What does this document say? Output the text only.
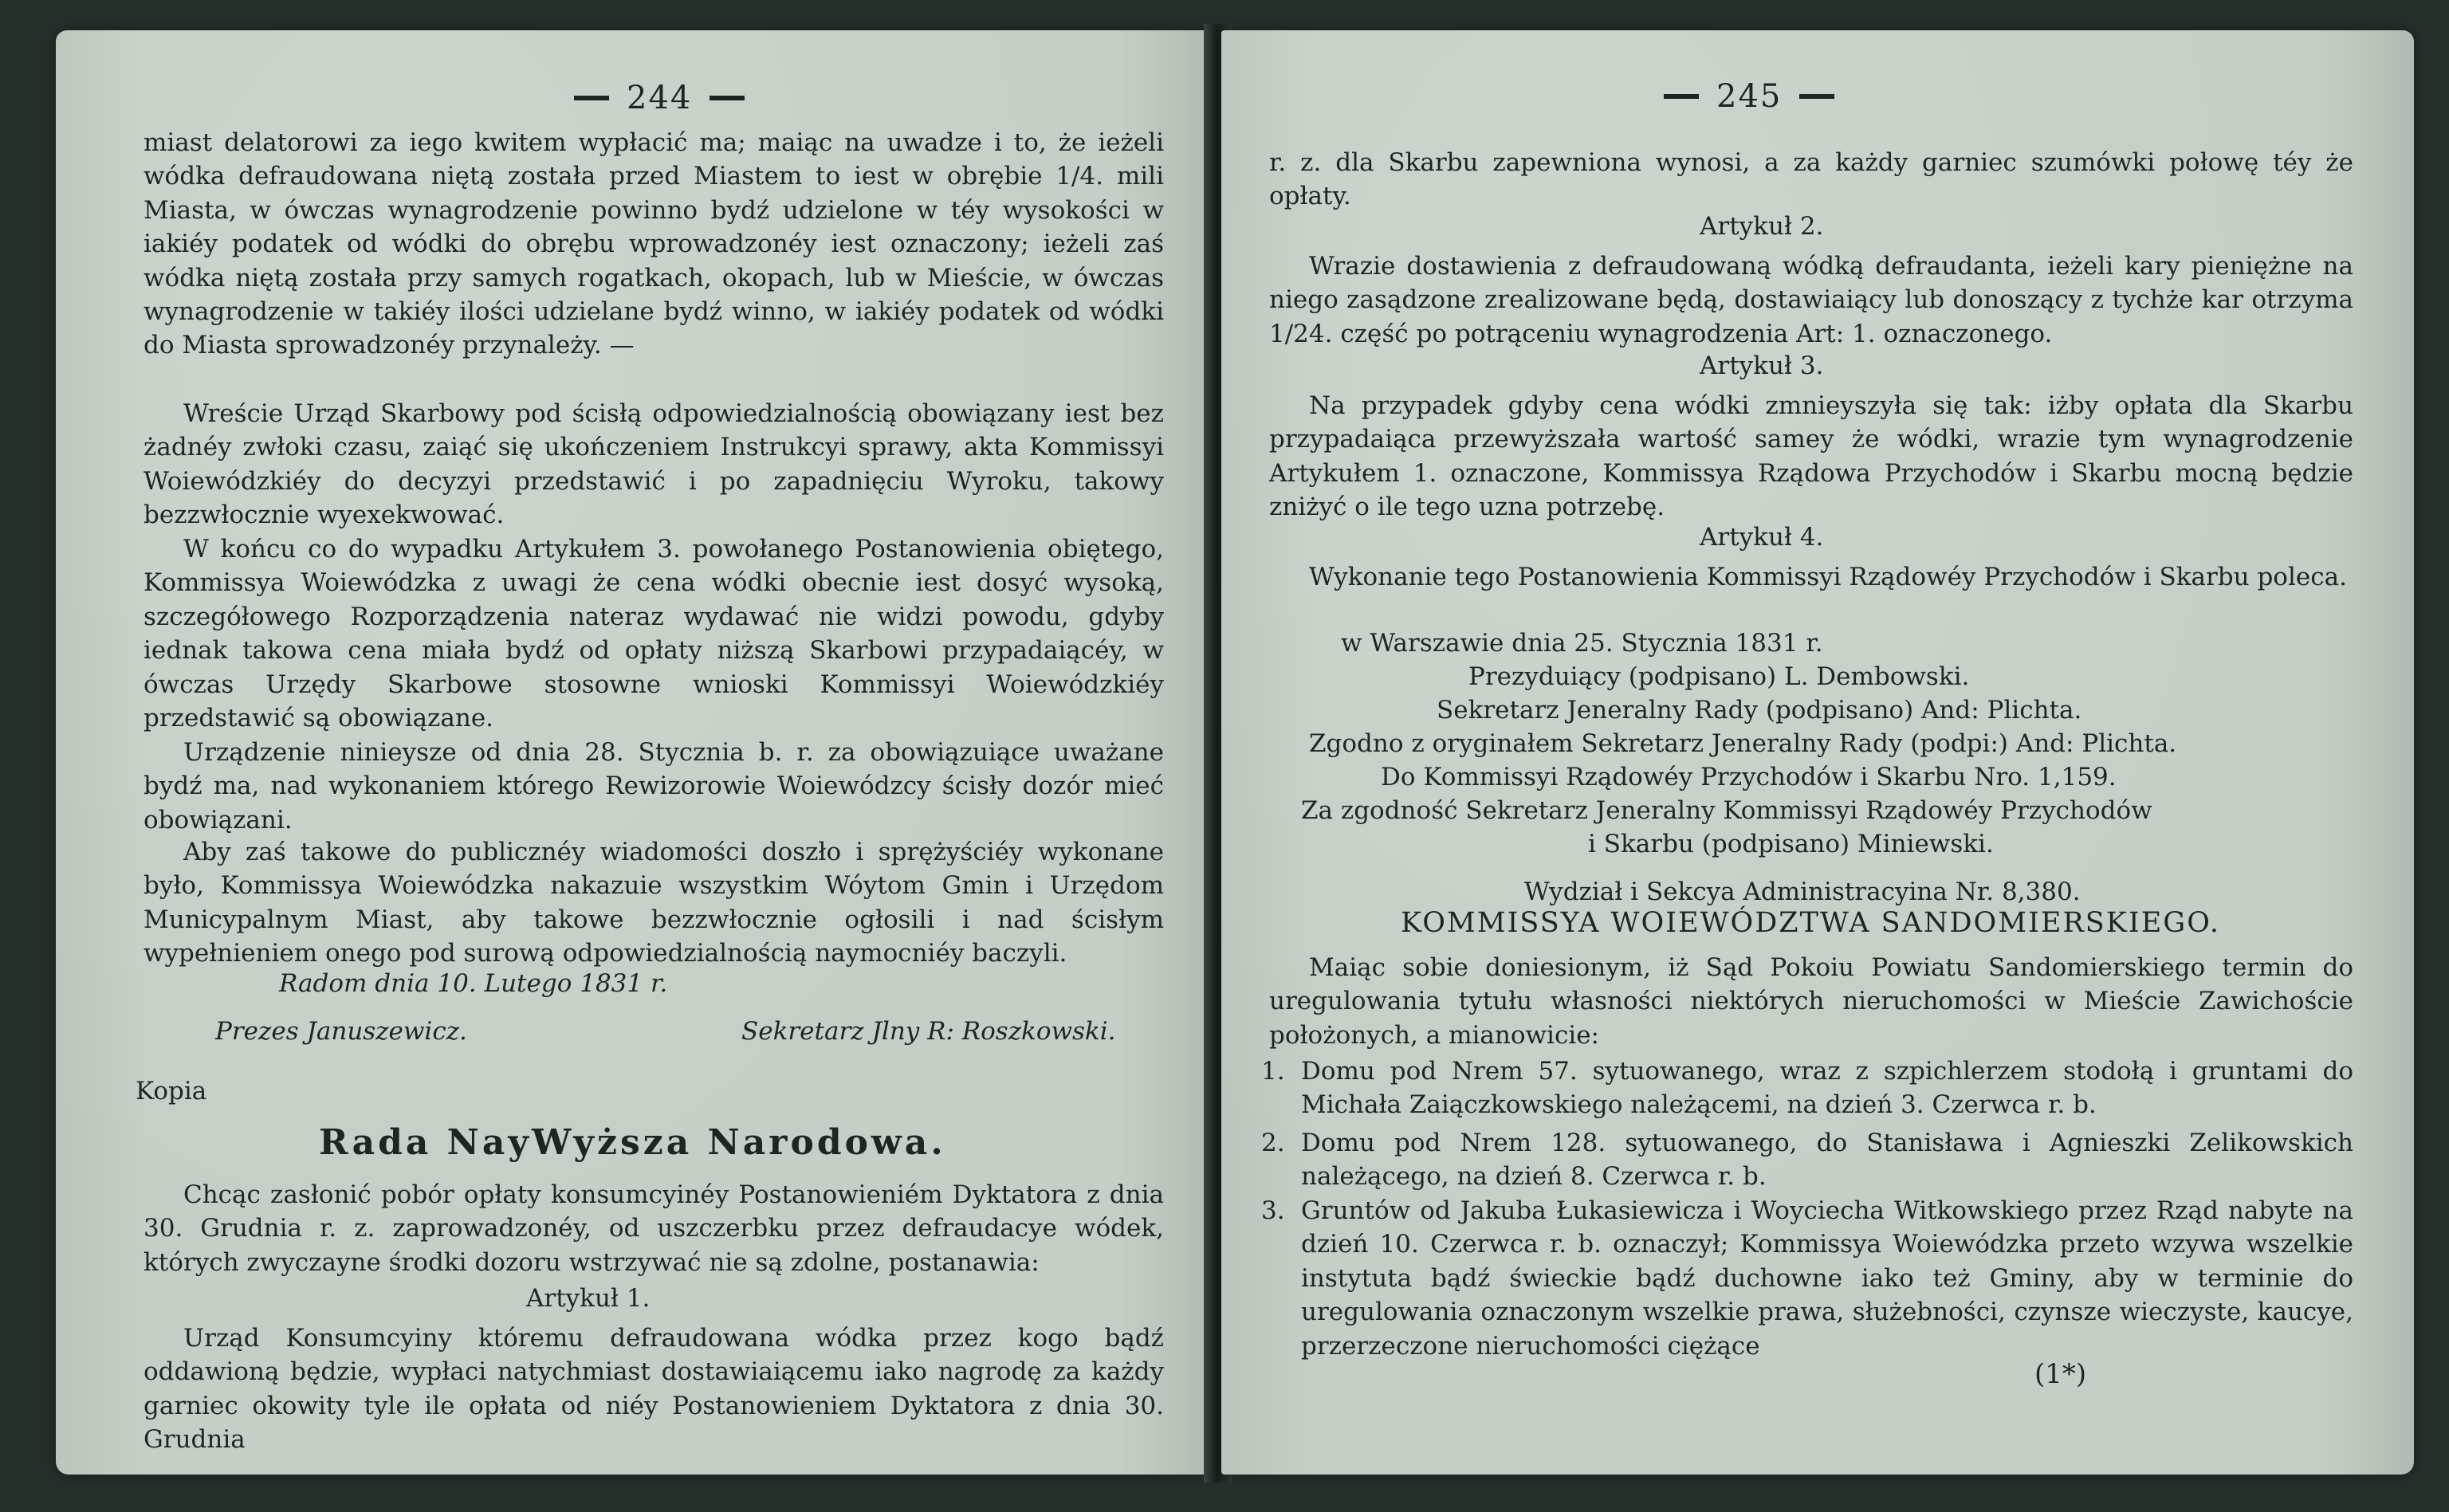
244

miast delatorowi za iego kwitem wypłacić ma; maiąc na uwadze i to, że ieżeli wódka defraudowana niętą została przed Miastem to iest w obrębie 1/4. mili Miasta, w ówczas wynagrodzenie powinno bydź udzielone w téy wysokości w iakiéy podatek od wódki do obrębu wprowadzonéy iest oznaczony; ieżeli zaś wódka niętą została przy samych rogatkach, okopach, lub w Mieście, w ówczas wynagrodzenie w takiéy ilości udzielane bydź winno, w iakiéy podatek od wódki do Miasta sprowadzonéy przynależy. —

Wreście Urząd Skarbowy pod ścisłą odpowiedzialnością obowiązany iest bez żadnéy zwłoki czasu, zaiąć się ukończeniem Instrukcyi sprawy, akta Kommissyi Woiewódzkiéy do decyzyi przedstawić i po zapadnięciu Wyroku, takowy bezzwłocznie wyexekwować.

W końcu co do wypadku Artykułem 3. powołanego Postanowienia obiętego, Kommissya Woiewódzka z uwagi że cena wódki obecnie iest dosyć wysoką, szczegółowego Rozporządzenia nateraz wydawać nie widzi powodu, gdyby iednak takowa cena miała bydź od opłaty niższą Skarbowi przypadaiącéy, w ówczas Urzędy Skarbowe stosowne wnioski Kommissyi Woiewódzkiéy przedstawić są obowiązane.

Urządzenie ninieysze od dnia 28. Stycznia b. r. za obowiązuiące uważane bydź ma, nad wykonaniem którego Rewizorowie Woiewódzcy ścisły dozór mieć obowiązani.

Aby zaś takowe do publicznéy wiadomości doszło i sprężyściéy wykonane było, Kommissya Woiewódzka nakazuie wszystkim Wóytom Gmin i Urzędom Municypalnym Miast, aby takowe bezzwłocznie ogłosili i nad ścisłym wypełnieniem onego pod surową odpowiedzialnością naymocniéy baczyli.

Radom dnia 10. Lutego 1831 r.

Prezes Januszewicz.	Sekretarz Jlny R: Roszkowski.

Kopia

Rada NayWyższa Narodowa.

Chcąc zasłonić pobór opłaty konsumcyinéy Postanowieniém Dyktatora z dnia 30. Grudnia r. z. zaprowadzonéy, od uszczerbku przez defraudacye wódek, których zwyczayne środki dozoru wstrzywać nie są zdolne, postanawia:

Artykuł 1.

Urząd Konsumcyiny któremu defraudowana wódka przez kogo bądź oddawioną będzie, wypłaci natychmiast dostawiaiącemu iako nagrodę za każdy garniec okowity tyle ile opłata od niéy Postanowieniem Dyktatora z dnia 30. Grudnia

245

r. z. dla Skarbu zapewniona wynosi, a za każdy garniec szumówki połowę téy że opłaty.

Artykuł 2.

Wrazie dostawienia z defraudowaną wódką defraudanta, ieżeli kary pieniężne na niego zasądzone zrealizowane będą, dostawiaiący lub donoszący z tychże kar otrzyma 1/24. część po potrąceniu wynagrodzenia Art: 1. oznaczonego.

Artykuł 3.

Na przypadek gdyby cena wódki zmnieyszyła się tak: iżby opłata dla Skarbu przypadaiąca przewyższała wartość samey że wódki, wrazie tym wynagrodzenie Artykułem 1. oznaczone, Kommissya Rządowa Przychodów i Skarbu mocną będzie zniżyć o ile tego uzna potrzebę.

Artykuł 4.

Wykonanie tego Postanowienia Kommissyi Rządowéy Przychodów i Skarbu poleca.

w Warszawie dnia 25. Stycznia 1831 r.

Prezyduiący (podpisano) L. Dembowski.

Sekretarz Jeneralny Rady (podpisano) And: Plichta.

Zgodno z oryginałem Sekretarz Jeneralny Rady (podpi:) And: Plichta.

Do Kommissyi Rządowéy Przychodów i Skarbu Nro. 1,159.

Za zgodność Sekretarz Jeneralny Kommissyi Rządowéy Przychodów

i Skarbu (podpisano) Miniewski.

Wydział i Sekcya Administracyina Nr. 8,380.

KOMMISSYA WOIEWÓDZTWA SANDOMIERSKIEGO.

Maiąc sobie doniesionym, iż Sąd Pokoiu Powiatu Sandomierskiego termin do uregulowania tytułu własności niektórych nieruchomości w Mieście Zawichoście położonych, a mianowicie:

1. Domu pod Nrem 57. sytuowanego, wraz z szpichlerzem stodołą i gruntami do Michała Zaiączkowskiego należącemi, na dzień 3. Czerwca r. b.

2. Domu pod Nrem 128. sytuowanego, do Stanisława i Agnieszki Zelikowskich należącego, na dzień 8. Czerwca r. b.

3. Gruntów od Jakuba Łukasiewicza i Woyciecha Witkowskiego przez Rząd nabyte na dzień 10. Czerwca r. b. oznaczył; Kommissya Woiewódzka przeto wzywa wszelkie instytuta bądź świeckie bądź duchowne iako też Gminy, aby w terminie do uregulowania oznaczonym wszelkie prawa, służebności, czynsze wieczyste, kaucye, przerzeczone nieruchomości ciężące

(1*)
